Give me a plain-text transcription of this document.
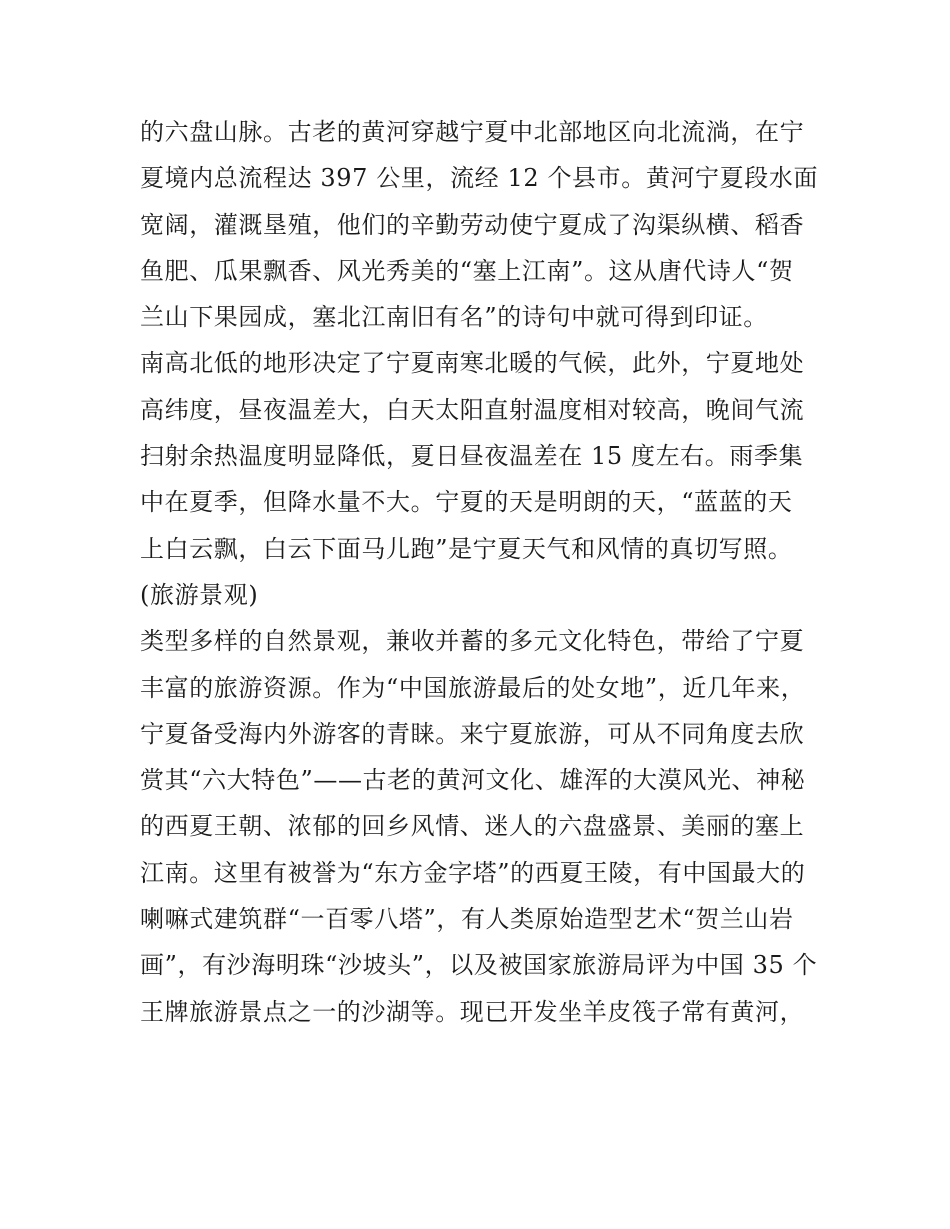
的六盘山脉。古老的黄河穿越宁夏中北部地区向北流淌，在宁
夏境内总流程达 397 公里，流经 12 个县市。黄河宁夏段水面
宽阔，灌溉垦殖，他们的辛勤劳动使宁夏成了沟渠纵横、稻香
鱼肥、瓜果飘香、风光秀美的“塞上江南”。这从唐代诗人“贺
兰山下果园成，塞北江南旧有名”的诗句中就可得到印证。
南高北低的地形决定了宁夏南寒北暖的气候，此外，宁夏地处
高纬度，昼夜温差大，白天太阳直射温度相对较高，晚间气流
扫射余热温度明显降低，夏日昼夜温差在 15 度左右。雨季集
中在夏季，但降水量不大。宁夏的天是明朗的天，“蓝蓝的天
上白云飘，白云下面马儿跑”是宁夏天气和风情的真切写照。
(旅游景观)
类型多样的自然景观，兼收并蓄的多元文化特色，带给了宁夏
丰富的旅游资源。作为“中国旅游最后的处女地”，近几年来，
宁夏备受海内外游客的青睐。来宁夏旅游，可从不同角度去欣
赏其“六大特色”——古老的黄河文化、雄浑的大漠风光、神秘
的西夏王朝、浓郁的回乡风情、迷人的六盘盛景、美丽的塞上
江南。这里有被誉为“东方金字塔”的西夏王陵，有中国最大的
喇嘛式建筑群“一百零八塔”，有人类原始造型艺术“贺兰山岩
画”，有沙海明珠“沙坡头”，以及被国家旅游局评为中国 35 个
王牌旅游景点之一的沙湖等。现已开发坐羊皮筏子常有黄河，
